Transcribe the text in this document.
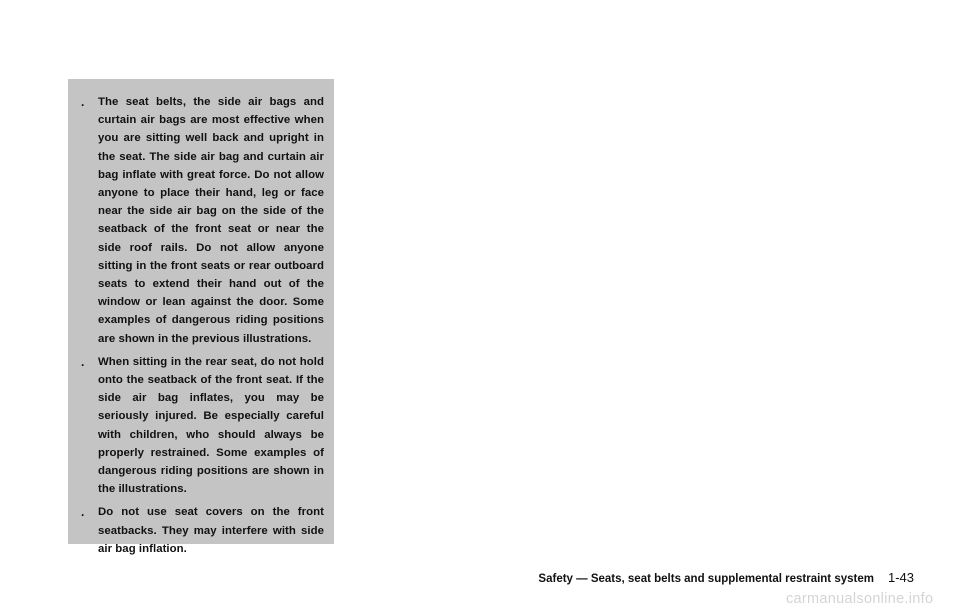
.	The seat belts, the side air bags and curtain air bags are most effective when you are sitting well back and upright in the seat. The side air bag and curtain air bag inflate with great force. Do not allow anyone to place their hand, leg or face near the side air bag on the side of the seatback of the front seat or near the side roof rails. Do not allow anyone sitting in the front seats or rear outboard seats to extend their hand out of the window or lean against the door. Some examples of dangerous riding positions are shown in the previous illustrations.
.	When sitting in the rear seat, do not hold onto the seatback of the front seat. If the side air bag inflates, you may be seriously injured. Be especially careful with children, who should always be properly restrained. Some examples of dangerous riding positions are shown in the illustrations.
.	Do not use seat covers on the front seatbacks. They may interfere with side air bag inflation.
Safety — Seats, seat belts and supplemental restraint system 1-43
carmanualsonline.info
